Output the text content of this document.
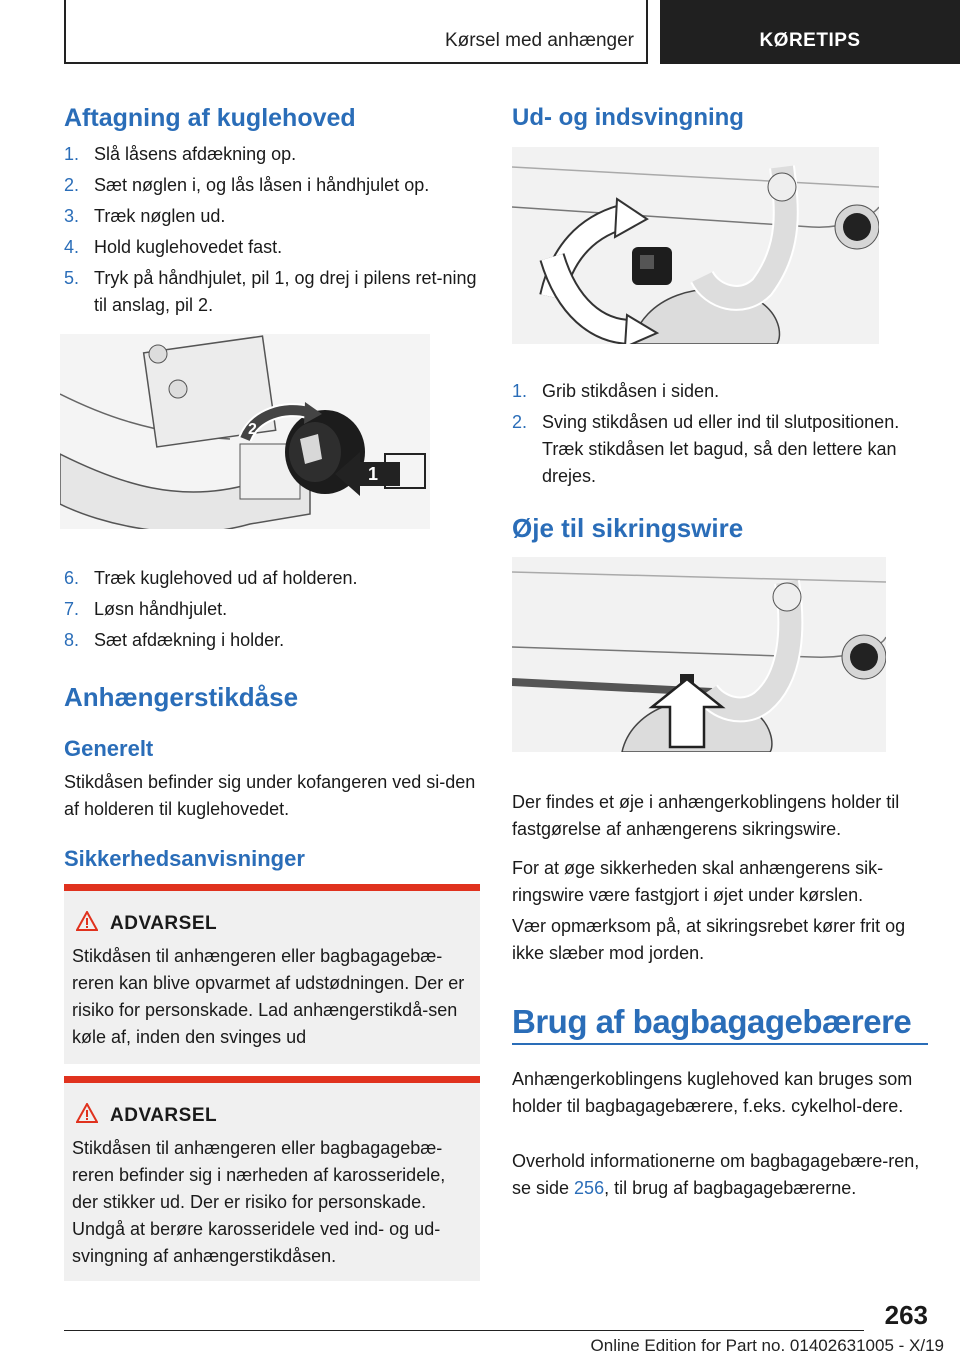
Kørsel med anhænger	KØRETIPS
Aftagning af kuglehoved
1. Slå låsens afdækning op.
2. Sæt nøglen i, og lås låsen i håndhjulet op.
3. Træk nøglen ud.
4. Hold kuglehovedet fast.
5. Tryk på håndhjulet, pil 1, og drej i pilens ret-ning til anslag, pil 2.
2
1
6. Træk kuglehoved ud af holderen.
7. Løsn håndhjulet.
8. Sæt afdækning i holder.
Anhængerstikdåse
Generelt

Stikdåsen befinder sig under kofangeren ved si-den af holderen til kuglehovedet.

Sikkerhedsanvisninger
ADVARSEL

Stikdåsen til anhængeren eller bagbagagebæ-reren kan blive opvarmet af udstødningen. Der er risiko for personskade. Lad anhængerstikdå-sen køle af, inden den svinges ud

ADVARSEL

Stikdåsen til anhængeren eller bagbagagebæ-reren befinder sig i nærheden af karosseridele, der stikker ud. Der er risiko for personskade. Undgå at berøre karosseridele ved ind- og ud-svingning af anhængerstikdåsen.

Ud- og indsvingning
1. Grib stikdåsen i siden.
2. Sving stikdåsen ud eller ind til slutpositionen. Træk stikdåsen let bagud, så den lettere kan drejes.
Øje til sikringswire

Der findes et øje i anhængerkoblingens holder til fastgørelse af anhængerens sikringswire.

For at øge sikkerheden skal anhængerens sik-ringswire være fastgjort i øjet under kørslen.

Vær opmærksom på, at sikringsrebet kører frit og ikke slæber mod jorden.

Brug af bagbagagebærere

Anhængerkoblingens kuglehoved kan bruges som holder til bagbagagebærere, f.eks. cykelhol-dere.

Overhold informationerne om bagbagagebære-ren, se side 256, til brug af bagbagagebærerne.

263
Online Edition for Part no. 01402631005 - X/19
